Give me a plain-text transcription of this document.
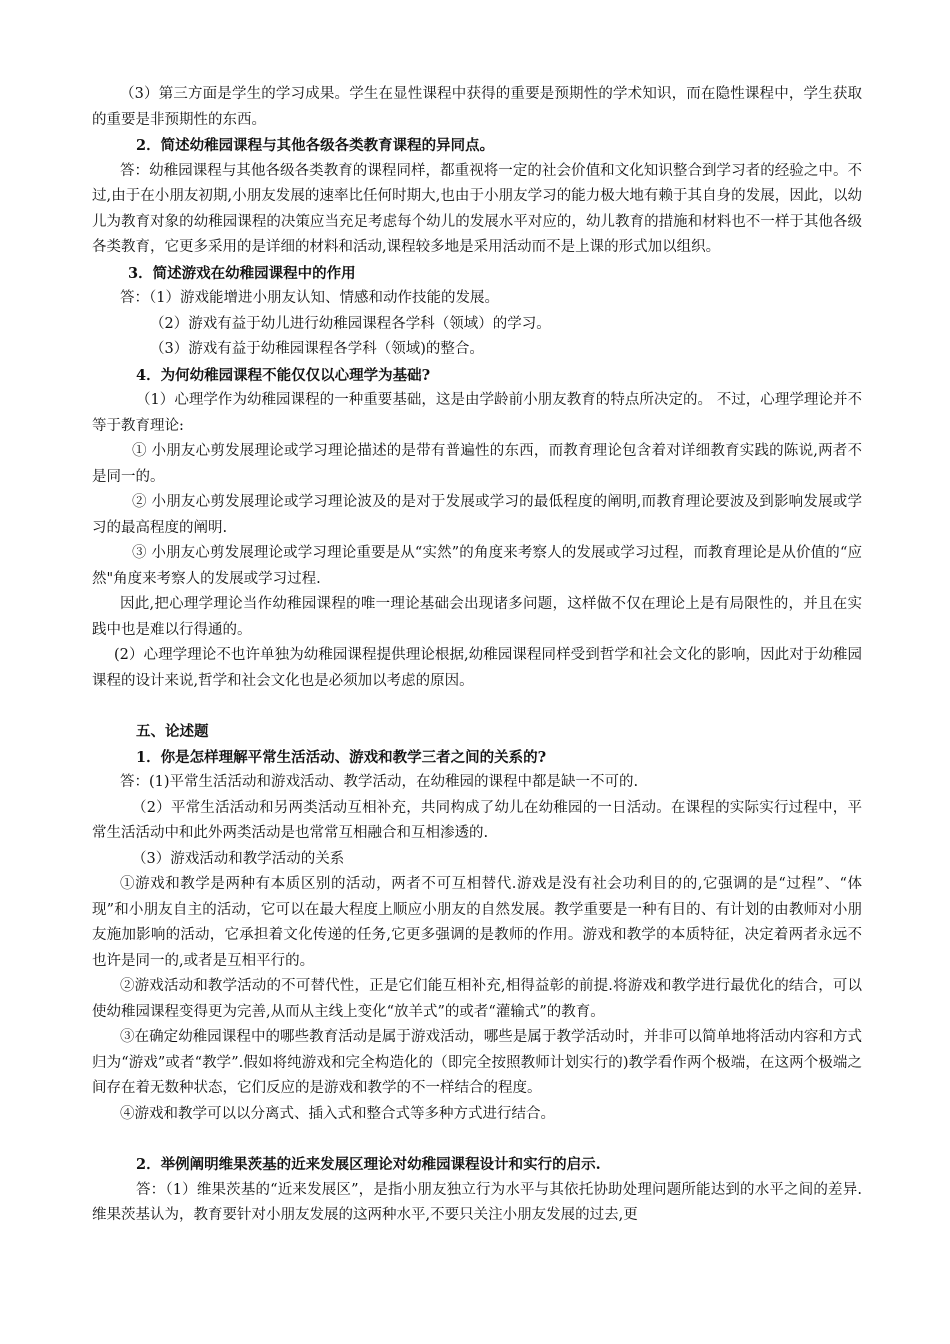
（3）第三方面是学生的学习成果。学生在显性课程中获得的重要是预期性的学术知识，而在隐性课程中，学生获取的重要是非预期性的东西。

2．简述幼稚园课程与其他各级各类教育课程的异同点。

答：幼稚园课程与其他各级各类教育的课程同样，都重视将一定的社会价值和文化知识整合到学习者的经验之中。不过,由于在小朋友初期,小朋友发展的速率比任何时期大,也由于小朋友学习的能力极大地有赖于其自身的发展，因此，以幼儿为教育对象的幼稚园课程的决策应当充足考虑每个幼儿的发展水平对应的，幼儿教育的措施和材料也不一样于其他各级各类教育，它更多采用的是详细的材料和活动,课程较多地是采用活动而不是上课的形式加以组织。

3．简述游戏在幼稚园课程中的作用

答：（1）游戏能增进小朋友认知、情感和动作技能的发展。

（2）游戏有益于幼儿进行幼稚园课程各学科（领域）的学习。

（3）游戏有益于幼稚园课程各学科（领域)的整合。

4．为何幼稚园课程不能仅仅以心理学为基础?

（1）心理学作为幼稚园课程的一种重要基础，这是由学龄前小朋友教育的特点所决定的。 不过，心理学理论并不等于教育理论:

① 小朋友心剪发展理论或学习理论描述的是带有普遍性的东西，而教育理论包含着对详细教育实践的陈说,两者不是同一的。

② 小朋友心剪发展理论或学习理论波及的是对于发展或学习的最低程度的阐明,而教育理论要波及到影响发展或学习的最高程度的阐明.

③ 小朋友心剪发展理论或学习理论重要是从“实然”的角度来考察人的发展或学习过程，而教育理论是从价值的“应然"角度来考察人的发展或学习过程.

因此,把心理学理论当作幼稚园课程的唯一理论基础会出现诸多问题，这样做不仅在理论上是有局限性的，并且在实践中也是难以行得通的。

(2）心理学理论不也许单独为幼稚园课程提供理论根据,幼稚园课程同样受到哲学和社会文化的影响，因此对于幼稚园课程的设计来说,哲学和社会文化也是必须加以考虑的原因。

五、论述题

1．你是怎样理解平常生活活动、游戏和教学三者之间的关系的?

答：(1)平常生活活动和游戏活动、教学活动，在幼稚园的课程中都是缺一不可的.

（2）平常生活活动和另两类活动互相补充，共同构成了幼儿在幼稚园的一日活动。在课程的实际实行过程中，平常生活活动中和此外两类活动是也常常互相融合和互相渗透的.

（3）游戏活动和教学活动的关系

①游戏和教学是两种有本质区别的活动，两者不可互相替代.游戏是没有社会功利目的的,它强调的是“过程”、“体现”和小朋友自主的活动，它可以在最大程度上顺应小朋友的自然发展。教学重要是一种有目的、有计划的由教师对小朋友施加影响的活动，它承担着文化传递的任务,它更多强调的是教师的作用。游戏和教学的本质特征，决定着两者永远不也许是同一的,或者是互相平行的。

②游戏活动和教学活动的不可替代性，正是它们能互相补充,相得益彰的前提.将游戏和教学进行最优化的结合，可以使幼稚园课程变得更为完善,从而从主线上变化“放羊式”的或者“灌输式”的教育。

③在确定幼稚园课程中的哪些教育活动是属于游戏活动，哪些是属于教学活动时，并非可以简单地将活动内容和方式归为“游戏”或者“教学”.假如将纯游戏和完全构造化的（即完全按照教师计划实行的)教学看作两个极端，在这两个极端之间存在着无数种状态，它们反应的是游戏和教学的不一样结合的程度。

④游戏和教学可以以分离式、插入式和整合式等多种方式进行结合。

2．举例阐明维果茨基的近来发展区理论对幼稚园课程设计和实行的启示.

答：（1）维果茨基的“近来发展区”，是指小朋友独立行为水平与其依托协助处理问题所能达到的水平之间的差异.维果茨基认为，教育要针对小朋友发展的这两种水平,不要只关注小朋友发展的过去,更
